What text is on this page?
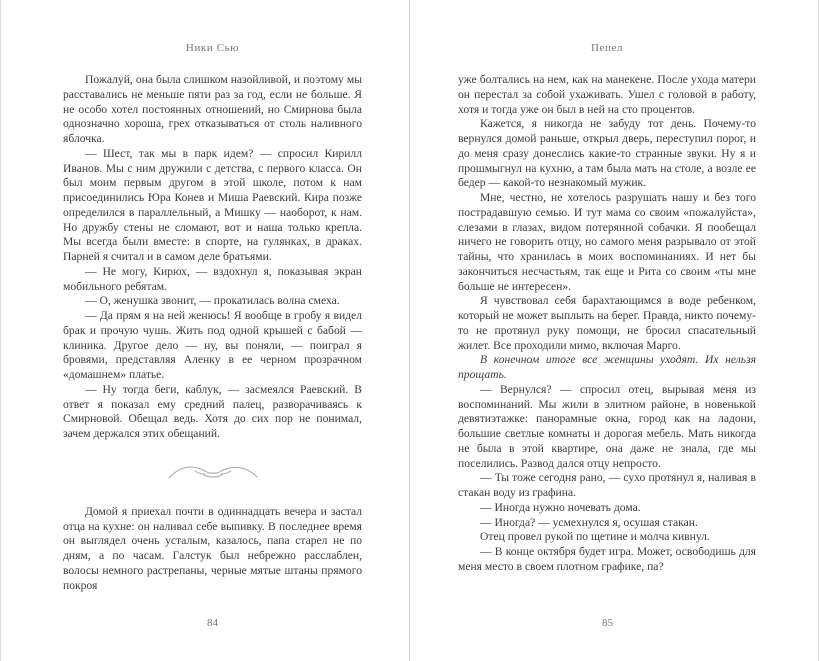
Ники Сью

Пожалуй, она была слишком назойливой, и поэтому мы расставались не меньше пяти раз за год, если не больше. Я не особо хотел постоянных отношений, но Смирнова была однозначно хороша, грех отказываться от столь наливного яблочка.

— Шест, так мы в парк идем? — спросил Кирилл Иванов. Мы с ним дружили с детства, с первого класса. Он был моим первым другом в этой школе, потом к нам присоединились Юра Конев и Миша Раевский. Кира позже определился в параллельный, а Мишку — наоборот, к нам. Но дружбу стены не сломают, вот и наша только крепла. Мы всегда были вместе: в спорте, на гулянках, в драках. Парней я считал и в самом деле братьями.

— Не могу, Кирюх, — вздохнул я, показывая экран мобильного ребятам.

— О, женушка звонит, — прокатилась волна смеха.

— Да прям я на ней женюсь! Я вообще в гробу я видел брак и прочую чушь. Жить под одной крышей с бабой — клиника. Другое дело — ну, вы поняли, — поиграл я бровями, представляя Аленку в ее черном прозрачном «домашнем» платье.

— Ну тогда беги, каблук, — засмеялся Раевский. В ответ я показал ему средний палец, разворачиваясь к Смирновой. Обещал ведь. Хотя до сих пор не понимал, зачем держался этих обещаний.

Домой я приехал почти в одиннадцать вечера и застал отца на кухне: он наливал себе выпивку. В последнее время он выглядел очень усталым, казалось, папа старел не по дням, а по часам. Галстук был небрежно расслаблен, волосы немного растрепаны, черные мятые штаны прямого покроя

84
Пепел

уже болтались на нем, как на манекене. После ухода матери он перестал за собой ухаживать. Ушел с головой в работу, хотя и тогда уже он был в ней на сто процентов.

Кажется, я никогда не забуду тот день. Почему-то вернулся домой раньше, открыл дверь, переступил порог, и до меня сразу донеслись какие-то странные звуки. Ну я и прошмыгнул на кухню, а там была мать на столе, а возле ее бедер — какой-то незнакомый мужик.

Мне, честно, не хотелось разрушать нашу и без того пострадавшую семью. И тут мама со своим «пожалуйста», слезами в глазах, видом потерянной собачки. Я пообещал ничего не говорить отцу, но самого меня разрывало от этой тайны, что хранилась в моих воспоминаниях. И нет бы закончиться несчастьям, так еще и Рита со своим «ты мне больше не интересен».

Я чувствовал себя барахтающимся в воде ребенком, который не может выплыть на берег. Правда, никто почему-то не протянул руку помощи, не бросил спасательный жилет. Все проходили мимо, включая Марго.

В конечном итоге все женщины уходят. Их нельзя прощать.

— Вернулся? — спросил отец, вырывая меня из воспоминаний. Мы жили в элитном районе, в новенькой девятиэтажке: панорамные окна, город как на ладони, большие светлые комнаты и дорогая мебель. Мать никогда не была в этой квартире, она даже не знала, где мы поселились. Развод дался отцу непросто.

— Ты тоже сегодня рано, — сухо протянул я, наливая в стакан воду из графина.

— Иногда нужно ночевать дома.

— Иногда? — усмехнулся я, осушая стакан.

Отец провел рукой по щетине и молча кивнул.

— В конце октября будет игра. Может, освободишь для меня место в своем плотном графике, па?

85
